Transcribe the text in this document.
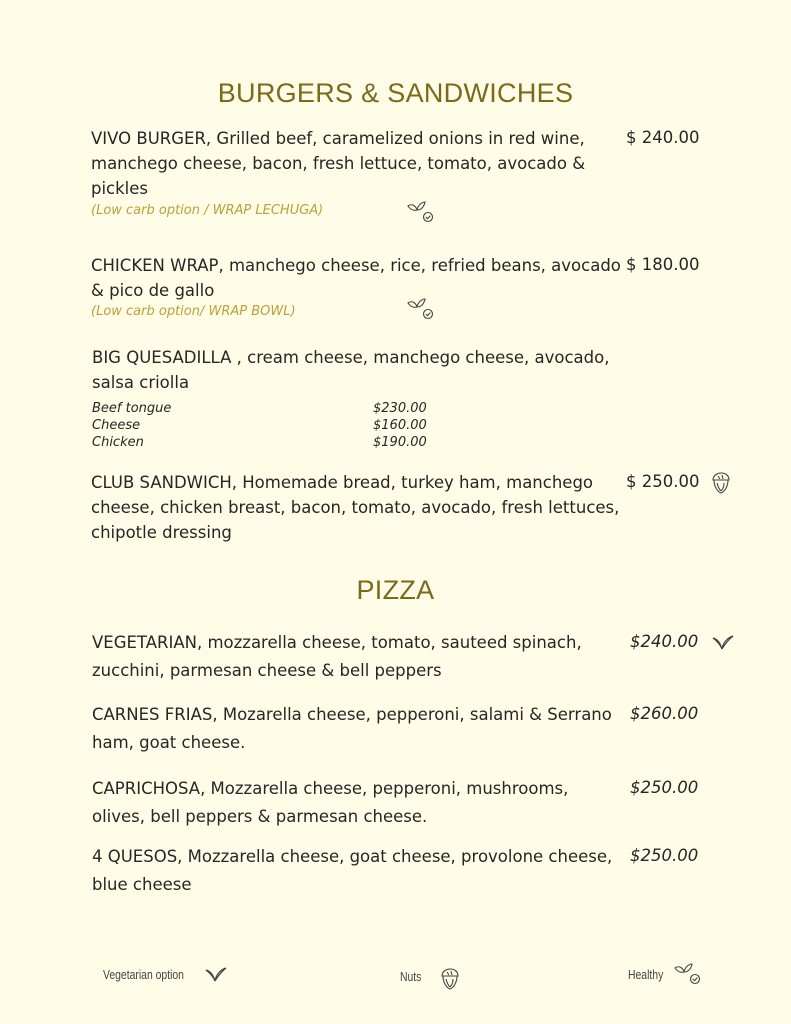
BURGERS & SANDWICHES
VIVO BURGER, Grilled beef, caramelized onions in red wine,
manchego cheese, bacon, fresh lettuce, tomato, avocado &
pickles
$ 240.00
(Low carb option / WRAP LECHUGA)
CHICKEN WRAP, manchego cheese, rice, refried beans, avocado
& pico de gallo
$ 180.00
(Low carb option/ WRAP BOWL)
BIG QUESADILLA , cream cheese, manchego cheese, avocado,
salsa criolla
Beef tongue	$230.00
Cheese	$160.00
Chicken	$190.00
CLUB SANDWICH, Homemade bread, turkey ham, manchego
cheese, chicken breast, bacon, tomato, avocado, fresh lettuces,
chipotle dressing
$ 250.00
PIZZA
VEGETARIAN, mozzarella cheese, tomato, sauteed spinach,
zucchini, parmesan cheese & bell peppers
$240.00
CARNES FRIAS, Mozarella cheese, pepperoni, salami & Serrano
ham, goat cheese.
$260.00
CAPRICHOSA, Mozzarella cheese, pepperoni, mushrooms,
olives, bell peppers & parmesan cheese.
$250.00
4 QUESOS, Mozzarella cheese, goat cheese, provolone cheese,
blue cheese
$250.00
Vegetarian option	Nuts	Healthy
